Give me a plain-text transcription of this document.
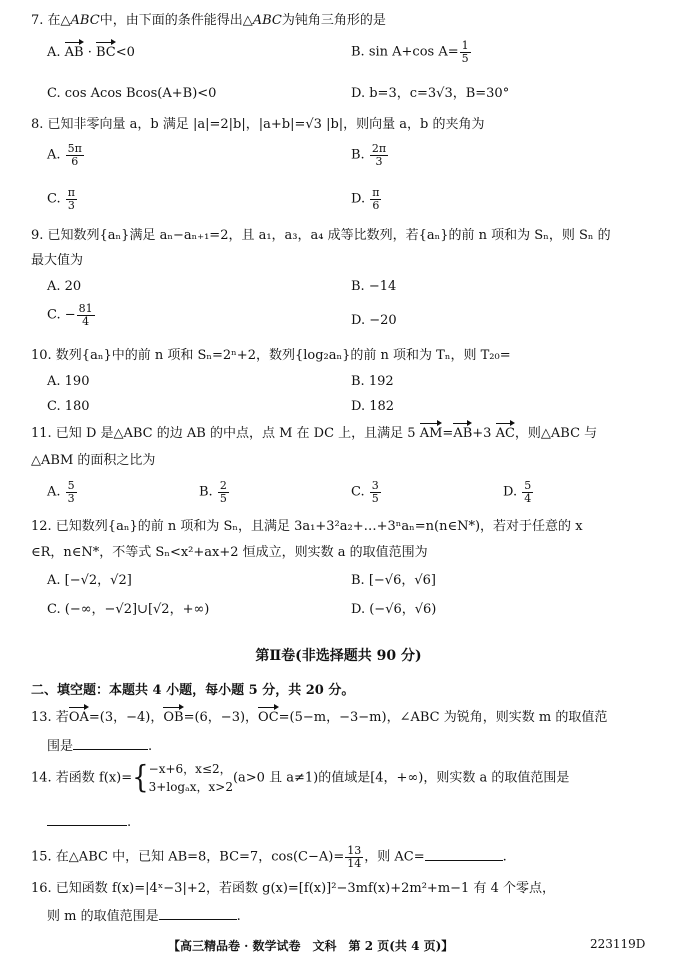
7. 在△ABC中，由下面的条件能得出△ABC为钝角三角形的是
A. AB · BC<0	B. sin A+cos $A= \frac{1}{5}$
C. cos Acos Bcos(A+B)<0	D. b=3，c=3√3，B=30°
8. 已知非零向量 a，b 满足 |a|=2|b|，|a+b|=√3 |b|，则向量 a，b 的夹角为
A. $\frac{5\pi}{6}$	B. $\frac{2\pi}{3}$
C. $\frac{\pi}{3}$	D. $\frac{\pi}{6}$
9. 已知数列{aₙ}满足 aₙ−aₙ₊₁=2，且 a₁，a₃，a₄ 成等比数列，若{aₙ}的前 n 项和为 Sₙ，则 Sₙ 的
最大值为
A. 20	B. −14
C. − $\frac{81}{4}$	D. −20
10. 数列{aₙ}中的前 n 项和 Sₙ=2ⁿ+2，数列{log₂aₙ}的前 n 项和为 Tₙ，则 T₂₀=
A. 190	B. 192
C. 180	D. 182
11. 已知 D 是△ABC 的边 AB 的中点，点 M 在 DC 上，且满足 5 AM=AB+3 AC，则△ABC 与
△ABM 的面积之比为
A. $\frac{5}{3}$	B. $\frac{2}{5}$	C. $\frac{3}{5}$	D. $\frac{5}{4}$
12. 已知数列{aₙ}的前 n 项和为 Sₙ，且满足 3a₁+3²a₂+…+3ⁿaₙ=n(n∈N*)，若对于任意的 x
∈R，n∈N*，不等式 Sₙ<x²+ax+2 恒成立，则实数 a 的取值范围为
A. [−√2，√2]	B. [−√6，√6]
C. (−∞，−√2]∪[√2，+∞)	D. (−√6，√6)
第Ⅱ卷(非选择题共 90 分)
二、填空题：本题共 4 小题，每小题 5 分，共 20 分。
13. 若OA=(3，−4)，OB=(6，−3)，OC=(5−m，−3−m)，∠ABC 为锐角，则实数 m 的取值范
围是	.
14. 若函数 f(x)={ −x+6，x≤2，
3+logₐx，x>2
(a>0 且 a≠1)的值域是[4，+∞)，则实数 a 的取值范围是
.
15. 在△ABC 中，已知 AB=8，BC=7，$\cos(C-A)= \frac{13}{14}$ ，则 AC=	.
16. 已知函数 f(x)=|4ˣ−3|+2，若函数 g(x)=[f(x)]²−3mf(x)+2m²+m−1 有 4 个零点，
则 m 的取值范围是	.
【高三精品卷 · 数学试卷　文科　第 2 页(共 4 页)】	223119D
